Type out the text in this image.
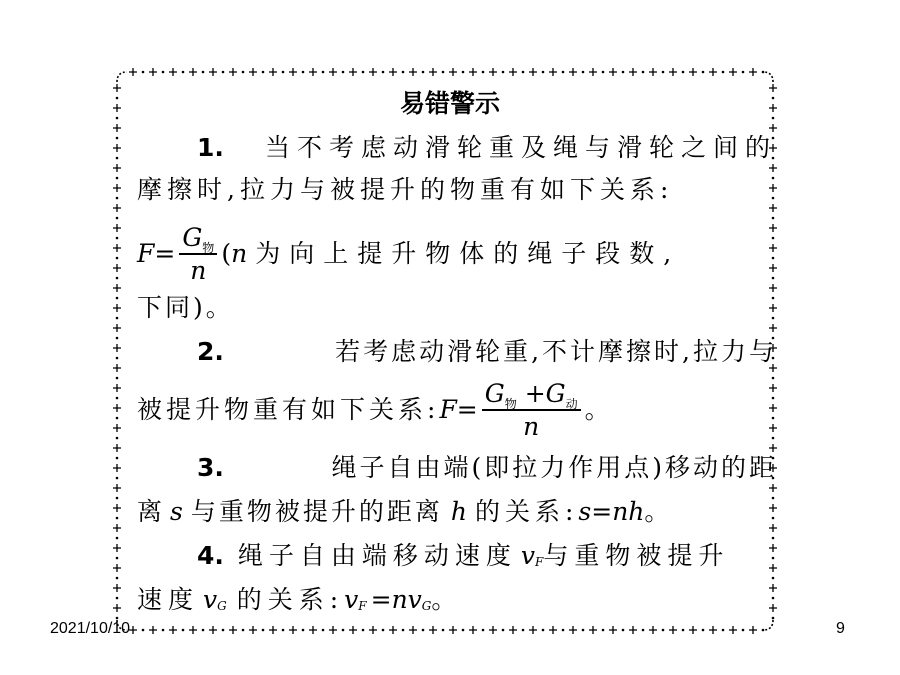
易错警示
1. 当不考虑动滑轮重及绳与滑轮之间的
摩擦时,拉力与被提升的物重有如下关系:
$F = \frac{G_物}{n}$ ( n 为向上提升物体的绳子段数,
下同)。
2.	若考虑动滑轮重,不计摩擦时,拉力与
被提升物重有如下关系: $F = \frac{G_物 +G_动}{n}$ 。
3.	绳子自由端(即拉力作用点)移动的距
离 s 与重物被提升的距离 h 的关系: s=nh 。
4. 绳子自由端移动速度 v F 与重物被提升
速度 v G 的关系: v F =nv G 。
2021/10/10	9
